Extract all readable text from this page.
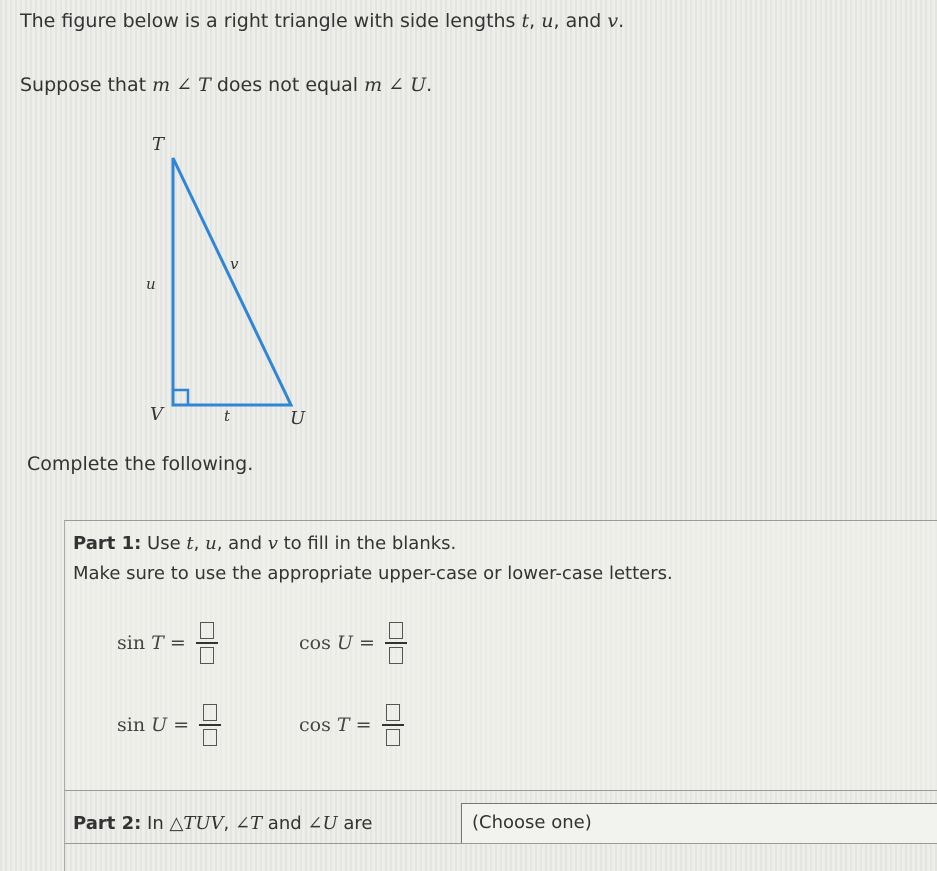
The figure below is a right triangle with side lengths t, u, and v.
Suppose that m ∠ T does not equal m ∠ U.
T
U
V	t
u
v
Complete the following.
Part 1: Use t, u, and v to fill in the blanks.
Make sure to use the appropriate upper-case or lower-case letters.
sin T =	cos U =
sin U =	cos T =
Part 2: In △TUV, ∠T and ∠U are	(Choose one)
